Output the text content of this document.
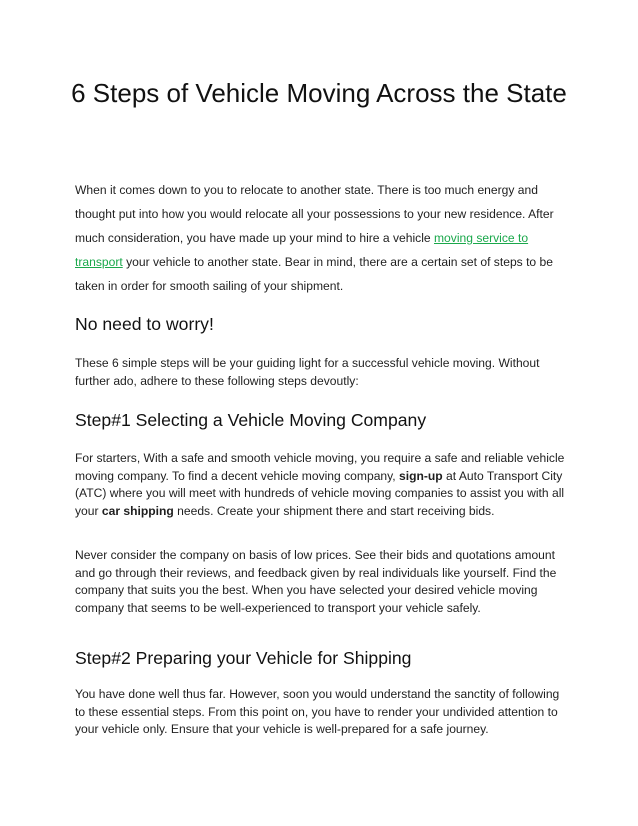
6 Steps of Vehicle Moving Across the State

When it comes down to you to relocate to another state. There is too much energy and thought put into how you would relocate all your possessions to your new residence. After much consideration, you have made up your mind to hire a vehicle moving service to transport your vehicle to another state. Bear in mind, there are a certain set of steps to be taken in order for smooth sailing of your shipment.

No need to worry!

These 6 simple steps will be your guiding light for a successful vehicle moving. Without further ado, adhere to these following steps devoutly:

Step#1 Selecting a Vehicle Moving Company

For starters, With a safe and smooth vehicle moving, you require a safe and reliable vehicle moving company. To find a decent vehicle moving company, sign-up at Auto Transport City (ATC) where you will meet with hundreds of vehicle moving companies to assist you with all your car shipping needs. Create your shipment there and start receiving bids.

Never consider the company on basis of low prices. See their bids and quotations amount and go through their reviews, and feedback given by real individuals like yourself. Find the company that suits you the best. When you have selected your desired vehicle moving company that seems to be well-experienced to transport your vehicle safely.

Step#2 Preparing your Vehicle for Shipping

You have done well thus far. However, soon you would understand the sanctity of following to these essential steps. From this point on, you have to render your undivided attention to your vehicle only. Ensure that your vehicle is well-prepared for a safe journey.
